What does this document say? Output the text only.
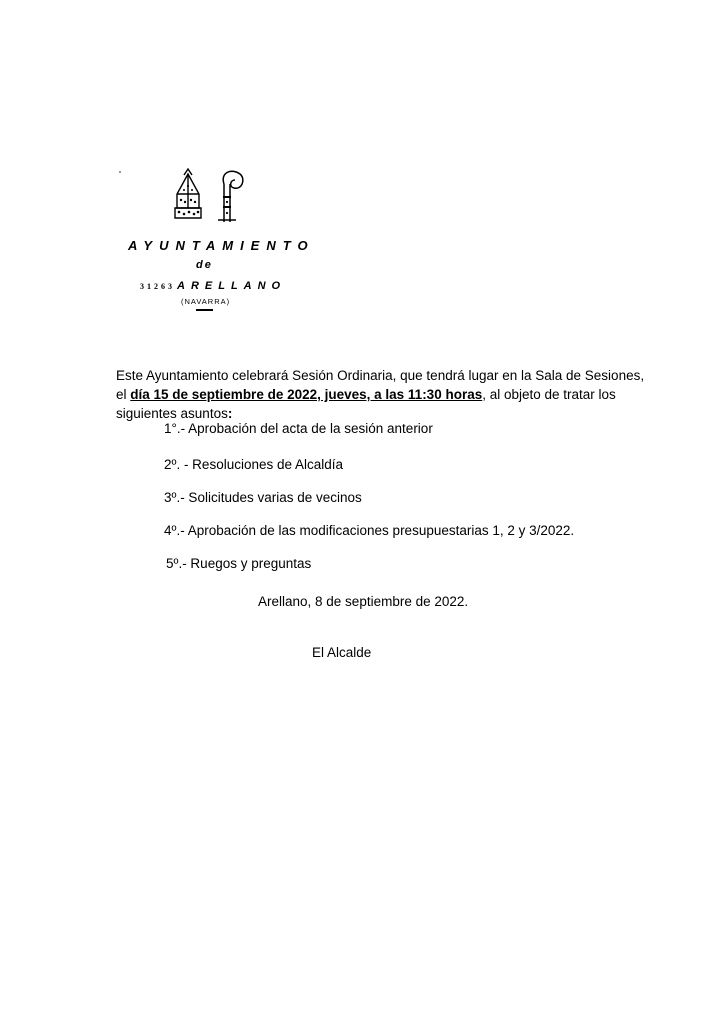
AYUNTAMIENTO
de
31263 ARELLANO
(NAVARRA)
Este Ayuntamiento celebrará Sesión Ordinaria, que tendrá lugar en la Sala de Sesiones, el día 15 de septiembre de 2022, jueves, a las 11:30 horas, al objeto de tratar los siguientes asuntos:
1°.- Aprobación del acta de la sesión anterior
2º. - Resoluciones de Alcaldía
3º.- Solicitudes varias de vecinos
4º.- Aprobación de las modificaciones presupuestarias 1, 2 y 3/2022.
5º.- Ruegos y preguntas
Arellano, 8 de septiembre de 2022.
El Alcalde
